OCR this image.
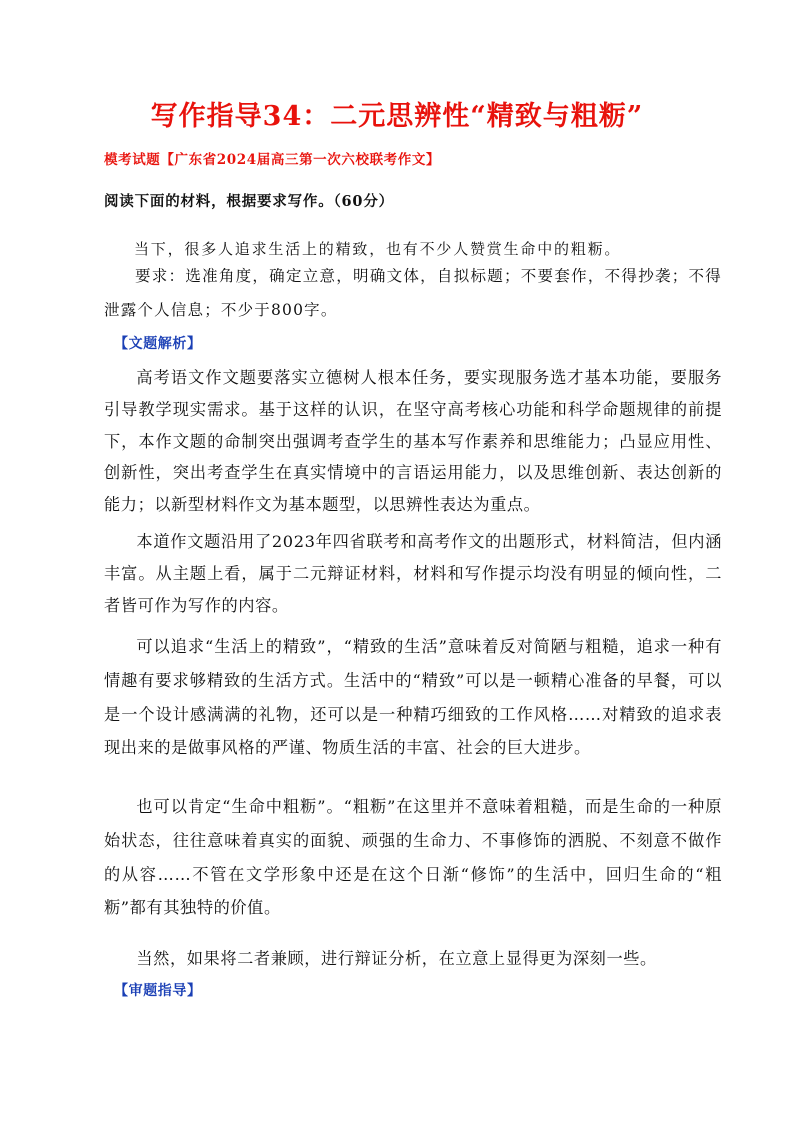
写作指导34：二元思辨性“精致与粗粝”
模考试题【广东省2024届高三第一次六校联考作文】
阅读下面的材料，根据要求写作。（60分）

当下，很多人追求生活上的精致，也有不少人赞赏生命中的粗粝。

要求：选准角度，确定立意，明确文体，自拟标题；不要套作，不得抄袭；不得泄露个人信息；不少于800字。

【文题解析】

高考语文作文题要落实立德树人根本任务，要实现服务选才基本功能，要服务引导教学现实需求。基于这样的认识，在坚守高考核心功能和科学命题规律的前提下，本作文题的命制突出强调考查学生的基本写作素养和思维能力；凸显应用性、创新性，突出考查学生在真实情境中的言语运用能力，以及思维创新、表达创新的能力；以新型材料作文为基本题型，以思辨性表达为重点。

本道作文题沿用了2023年四省联考和高考作文的出题形式，材料简洁，但内涵丰富。从主题上看，属于二元辩证材料，材料和写作提示均没有明显的倾向性，二者皆可作为写作的内容。

可以追求“生活上的精致”，“精致的生活”意味着反对简陋与粗糙，追求一种有情趣有要求够精致的生活方式。生活中的“精致”可以是一顿精心准备的早餐，可以是一个设计感满满的礼物，还可以是一种精巧细致的工作风格……对精致的追求表现出来的是做事风格的严谨、物质生活的丰富、社会的巨大进步。

也可以肯定“生命中粗粝”。“粗粝”在这里并不意味着粗糙，而是生命的一种原始状态，往往意味着真实的面貌、顽强的生命力、不事修饰的洒脱、不刻意不做作的从容……不管在文学形象中还是在这个日渐“修饰”的生活中，回归生命的“粗粝”都有其独特的价值。

当然，如果将二者兼顾，进行辩证分析，在立意上显得更为深刻一些。

【审题指导】
